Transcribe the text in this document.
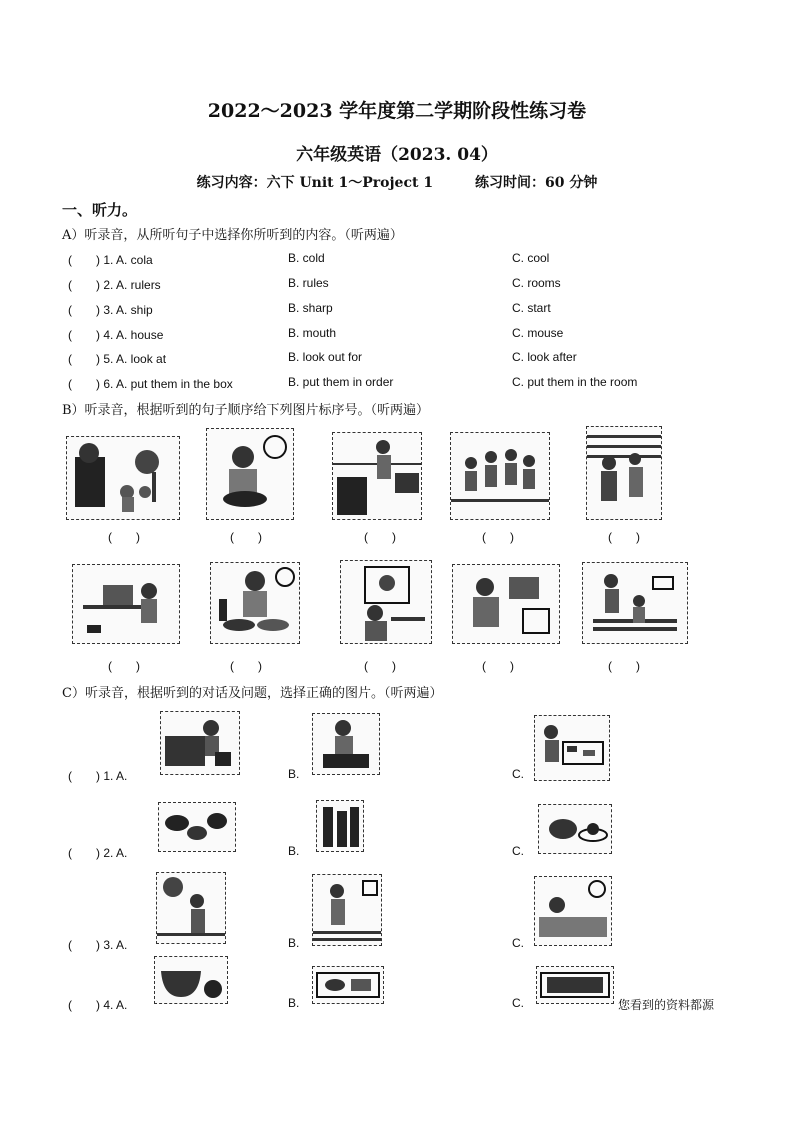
2022～2023 学年度第二学期阶段性练习卷
六年级英语（2023. 04）
练习内容：六下 Unit 1～Project 1　　　练习时间：60 分钟
一、听力。
A）听录音，从所听句子中选择你所听到的内容。（听两遍）
(　　) 1. A. cola	B. cold	C. cool
(　　) 2. A. rulers	B. rules	C. rooms
(　　) 3. A. ship	B. sharp	C. start
(　　) 4. A. house	B. mouth	C. mouse
(　　) 5. A. look at	B. look out for	C. look after
(　　) 6. A. put them in the box	B. put them in order	C. put them in the room
B）听录音，根据听到的句子顺序给下列图片标序号。（听两遍）
(　　)	(　　)	(　　)	(　　)	(　　)
(　　)	(　　)	(　　)	(　　)	(　　)
C）听录音，根据听到的对话及问题，选择正确的图片。（听两遍）
(　　) 1. A.	B.	C.
(　　) 2. A.	B.	C.
(　　) 3. A.	B.	C.
(　　) 4. A.	B.	C.	您看到的资料都源
